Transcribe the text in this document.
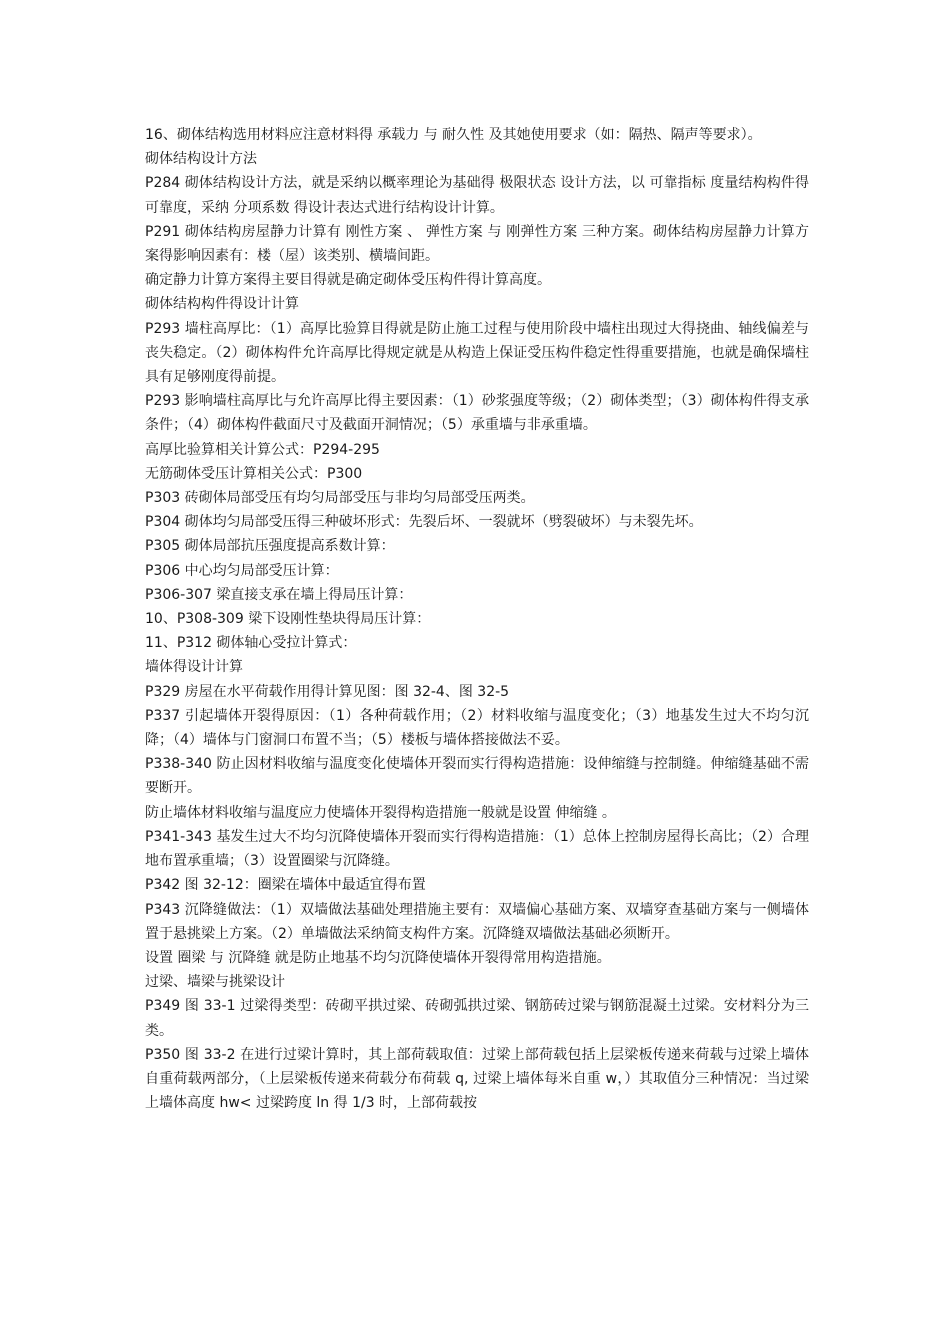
16、砌体结构选用材料应注意材料得 承载力 与 耐久性 及其她使用要求（如：隔热、隔声等要求）。

砌体结构设计方法

P284 砌体结构设计方法，就是采纳以概率理论为基础得 极限状态 设计方法，以 可靠指标 度量结构构件得可靠度，采纳 分项系数 得设计表达式进行结构设计计算。

P291 砌体结构房屋静力计算有 刚性方案 、 弹性方案 与 刚弹性方案 三种方案。砌体结构房屋静力计算方案得影响因素有：楼（屋）该类别、横墙间距。

确定静力计算方案得主要目得就是确定砌体受压构件得计算高度。

砌体结构构件得设计计算

P293 墙柱高厚比：（1）高厚比验算目得就是防止施工过程与使用阶段中墙柱出现过大得挠曲、轴线偏差与丧失稳定。（2）砌体构件允许高厚比得规定就是从构造上保证受压构件稳定性得重要措施，也就是确保墙柱具有足够刚度得前提。

P293 影响墙柱高厚比与允许高厚比得主要因素：（1）砂浆强度等级；（2）砌体类型；（3）砌体构件得支承条件；（4）砌体构件截面尺寸及截面开洞情况；（5）承重墙与非承重墙。

高厚比验算相关计算公式：P294-295

无筋砌体受压计算相关公式：P300

P303 砖砌体局部受压有均匀局部受压与非均匀局部受压两类。

P304 砌体均匀局部受压得三种破坏形式：先裂后坏、一裂就坏（劈裂破坏）与未裂先坏。

P305 砌体局部抗压强度提高系数计算：

P306 中心均匀局部受压计算：

P306-307 梁直接支承在墙上得局压计算：

10、P308-309 梁下设刚性垫块得局压计算：

11、P312 砌体轴心受拉计算式：

墙体得设计计算

P329 房屋在水平荷载作用得计算见图：图 32-4、图 32-5

P337 引起墙体开裂得原因：（1）各种荷载作用；（2）材料收缩与温度变化；（3）地基发生过大不均匀沉降；（4）墙体与门窗洞口布置不当；（5）楼板与墙体搭接做法不妥。

P338-340 防止因材料收缩与温度变化使墙体开裂而实行得构造措施：设伸缩缝与控制缝。伸缩缝基础不需要断开。

防止墙体材料收缩与温度应力使墙体开裂得构造措施一般就是设置 伸缩缝 。

P341-343 基发生过大不均匀沉降使墙体开裂而实行得构造措施：（1）总体上控制房屋得长高比；（2）合理地布置承重墙；（3）设置圈梁与沉降缝。

P342 图 32-12：圈梁在墙体中最适宜得布置

P343 沉降缝做法：（1）双墙做法基础处理措施主要有：双墙偏心基础方案、双墙穿查基础方案与一侧墙体置于悬挑梁上方案。（2）单墙做法采纳简支构件方案。沉降缝双墙做法基础必须断开。

设置 圈梁 与 沉降缝 就是防止地基不均匀沉降使墙体开裂得常用构造措施。

过梁、墙梁与挑梁设计

P349 图 33-1 过梁得类型：砖砌平拱过梁、砖砌弧拱过梁、钢筋砖过梁与钢筋混凝土过梁。安材料分为三类。

P350 图 33-2 在进行过梁计算时，其上部荷载取值：过梁上部荷载包括上层梁板传递来荷载与过梁上墙体自重荷载两部分，（上层梁板传递来荷载分布荷载 q, 过梁上墙体每米自重 w，）其取值分三种情况：当过梁上墙体高度 hw< 过梁跨度 ln 得 1/3 时，上部荷载按
